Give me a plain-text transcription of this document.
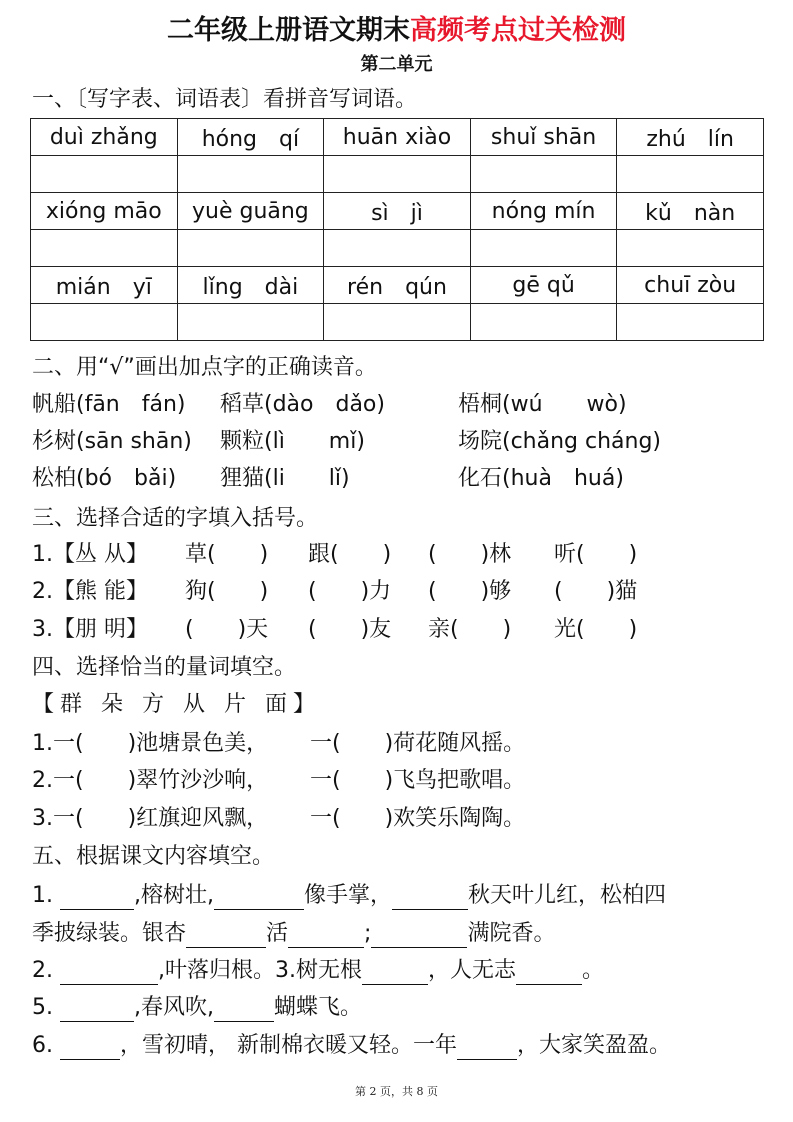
二年级上册语文期末高频考点过关检测
第二单元
一、〔写字表、词语表〕看拼音写词语。
duì zhǎng	hóng　qí	huān xiào	shuǐ shān	zhú　lín

xióng māo	yuè guāng	sì　jì	nóng mín	kǔ　nàn

mián　yī	lǐng　dài	rén　qún	gē qǔ	chuī zòu

二、用“√”画出加点字的正确读音。
帆船(fān　fán) 稻草(dào　dǎo)	梧桐(wú　　wò)
杉树(sān shān) 颗粒(lì　　mǐ)	场院(chǎng cháng)
松柏(bó　bǎi) 狸猫(li　　lǐ)	化石(huà　huá)
三、选择合适的字填入括号。
1.【丛 从】 草(　　) 跟(　　) (　　)林 听(　　)
2.【熊 能】 狗(　　) (　　)力 (　　)够 (　　)猫
3.【朋 明】 (　　)天 (　　)友 亲(　　) 光(　　)
四、选择恰当的量词填空。
【群 朵 方 从 片 面】
1.一(　　)池塘景色美， 一(　　)荷花随风摇。
2.一(　　)翠竹沙沙响， 一(　　)飞鸟把歌唱。
3.一(　　)红旗迎风飘， 一(　　)欢笑乐陶陶。
五、根据课文内容填空。
1.	,榕树壮,	像手掌，	秋天叶儿红，松柏四
季披绿装。银杏	活	;	满院香。
2.	,叶落归根。3.树无根	，人无志	。
5.	,春风吹,	蝴蝶飞。
6.	，雪初晴， 新制棉衣暖又轻。一年	，大家笑盈盈。
第 2 页，共 8 页
